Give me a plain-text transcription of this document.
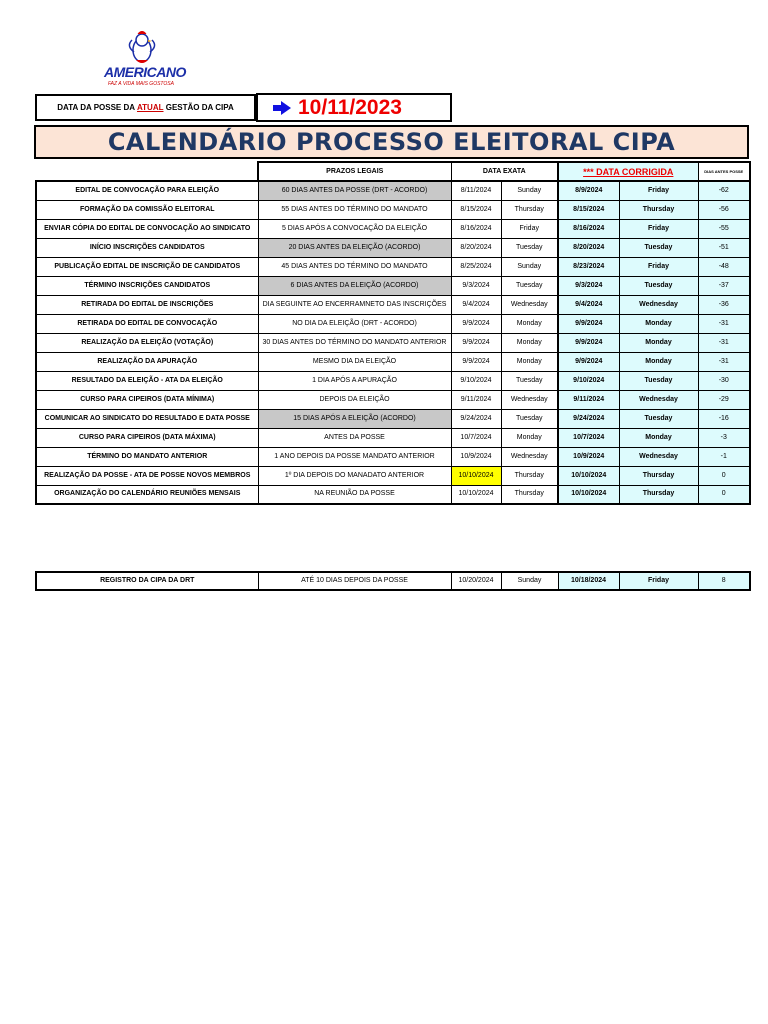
AMERICANO
FAZ A VIDA MAIS GOSTOSA
DATA DA POSSE DA ATUAL GESTÃO DA CIPA	10/11/2023
CALENDÁRIO PROCESSO ELEITORAL CIPA
	PRAZOS LEGAIS	DATA EXATA		*** DATA CORRIGIDA		DIAS ANTES POSSE
EDITAL DE CONVOCAÇÃO PARA ELEIÇÃO	60 DIAS ANTES DA POSSE (DRT - ACORDO)	8/11/2024	Sunday	8/9/2024	Friday	-62
FORMAÇÃO DA COMISSÃO ELEITORAL	55 DIAS ANTES DO TÉRMINO DO MANDATO	8/15/2024	Thursday	8/15/2024	Thursday	-56
ENVIAR CÓPIA DO EDITAL DE CONVOCAÇÃO AO SINDICATO	5 DIAS APÓS A CONVOCAÇÃO DA ELEIÇÃO	8/16/2024	Friday	8/16/2024	Friday	-55
INÍCIO INSCRIÇÕES CANDIDATOS	20 DIAS ANTES DA ELEIÇÃO (ACORDO)	8/20/2024	Tuesday	8/20/2024	Tuesday	-51
PUBLICAÇÃO EDITAL DE INSCRIÇÃO DE CANDIDATOS	45 DIAS ANTES DO TÉRMINO DO MANDATO	8/25/2024	Sunday	8/23/2024	Friday	-48
TÉRMINO INSCRIÇÕES CANDIDATOS	6 DIAS ANTES DA ELEIÇÃO (ACORDO)	9/3/2024	Tuesday	9/3/2024	Tuesday	-37
RETIRADA DO EDITAL DE INSCRIÇÕES	DIA SEGUINTE AO ENCERRAMNETO DAS INSCRIÇÕES	9/4/2024	Wednesday	9/4/2024	Wednesday	-36
RETIRADA DO EDITAL DE CONVOCAÇÃO	NO DIA DA ELEIÇÃO (DRT - ACORDO)	9/9/2024	Monday	9/9/2024	Monday	-31
REALIZAÇÃO DA ELEIÇÃO (VOTAÇÃO)	30 DIAS ANTES DO TÉRMINO DO MANDATO ANTERIOR	9/9/2024	Monday	9/9/2024	Monday	-31
REALIZAÇÃO DA APURAÇÃO	MESMO DIA DA ELEIÇÃO	9/9/2024	Monday	9/9/2024	Monday	-31
RESULTADO DA ELEIÇÃO - ATA DA ELEIÇÃO	1 DIA APÓS A APURAÇÃO	9/10/2024	Tuesday	9/10/2024	Tuesday	-30
CURSO PARA CIPEIROS (DATA MÍNIMA)	DEPOIS DA ELEIÇÃO	9/11/2024	Wednesday	9/11/2024	Wednesday	-29
COMUNICAR AO SINDICATO DO RESULTADO E DATA POSSE	15 DIAS APÓS A ELEIÇÃO (ACORDO)	9/24/2024	Tuesday	9/24/2024	Tuesday	-16
CURSO PARA CIPEIROS (DATA MÁXIMA)	ANTES DA POSSE	10/7/2024	Monday	10/7/2024	Monday	-3
TÉRMINO DO MANDATO ANTERIOR	1 ANO DEPOIS DA POSSE MANDATO ANTERIOR	10/9/2024	Wednesday	10/9/2024	Wednesday	-1
REALIZAÇÃO DA POSSE - ATA DE POSSE NOVOS MEMBROS	1º DIA DEPOIS DO MANADATO ANTERIOR	10/10/2024	Thursday	10/10/2024	Thursday	0
ORGANIZAÇÃO DO CALENDÁRIO REUNIÕES MENSAIS	NA REUNIÃO DA POSSE	10/10/2024	Thursday	10/10/2024	Thursday	0
REGISTRO DA CIPA DA DRT	ATÉ 10 DIAS DEPOIS DA POSSE	10/20/2024	Sunday	10/18/2024	Friday	8
